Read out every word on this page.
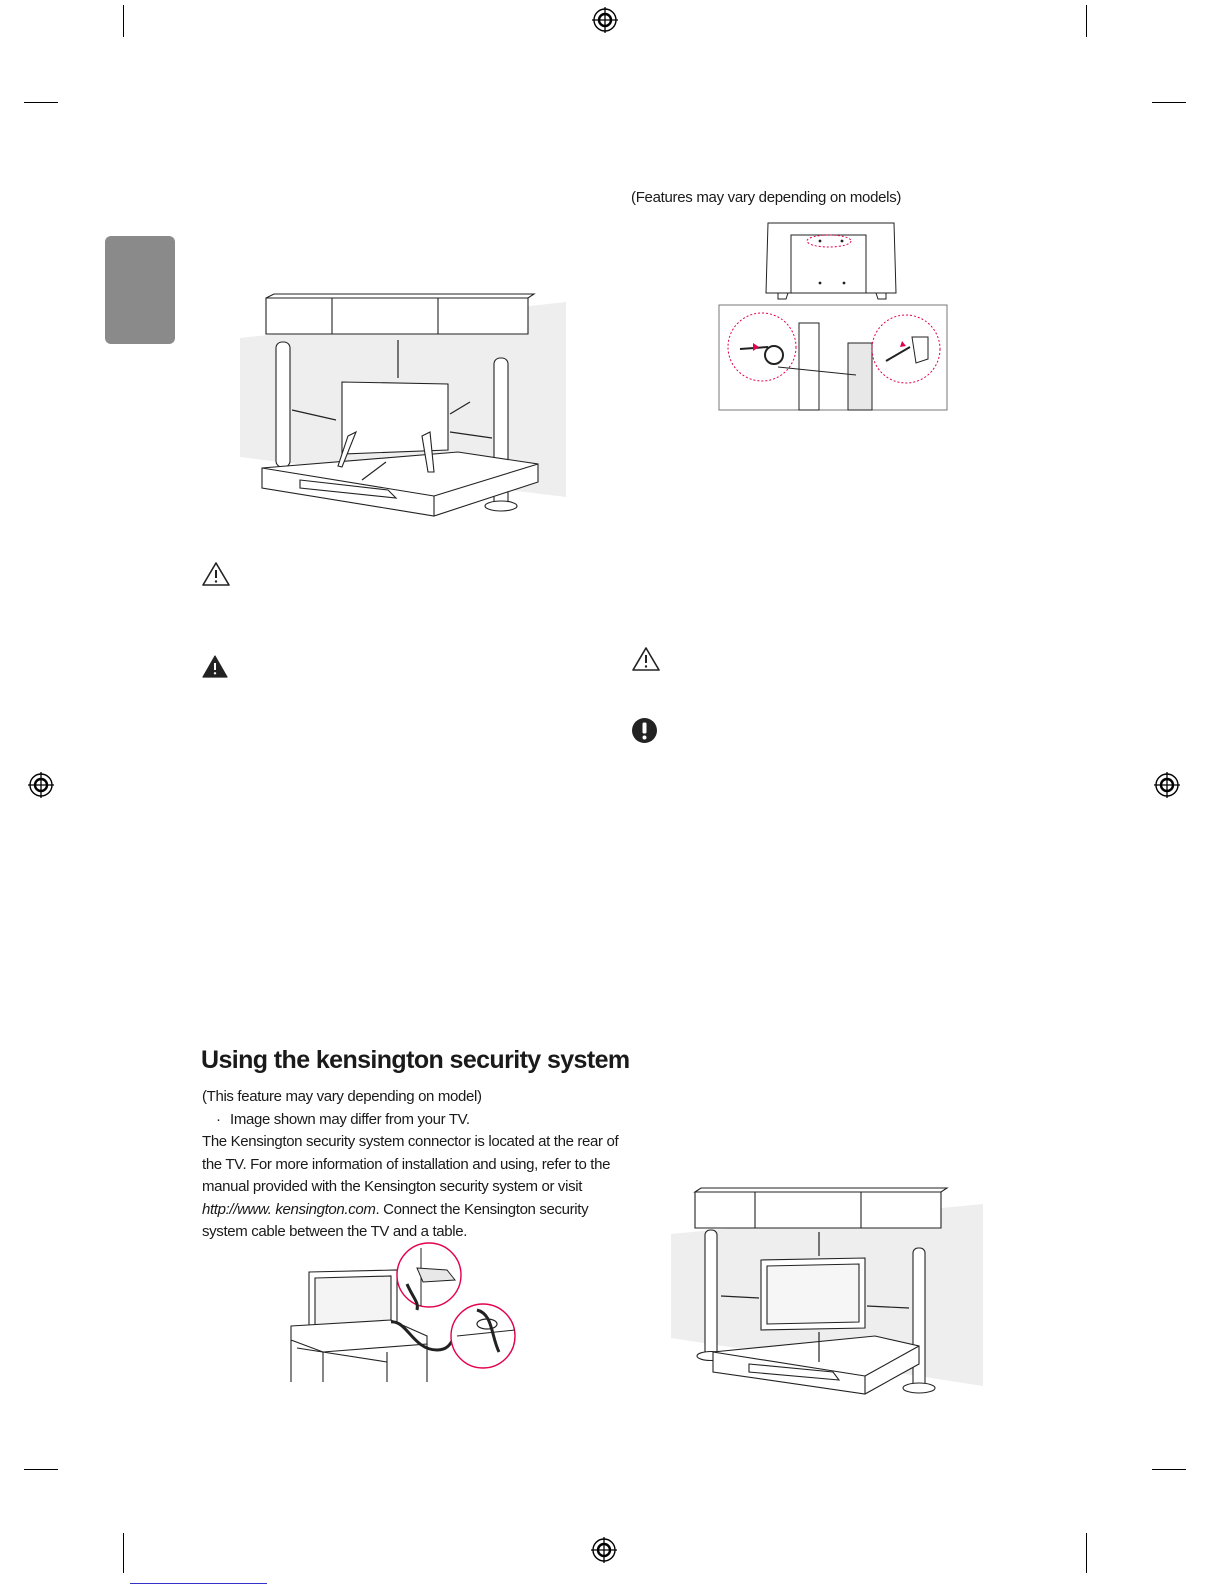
(Features may vary depending on models)
Using the kensington security system

(This feature may vary depending on model)

· Image shown may differ from your TV.

The Kensington security system connector is located at the rear of the TV. For more information of installation and using, refer to the manual provided with the Kensington security system or visit http://www. kensington.com. Connect the Kensington security system cable between the TV and a table.
